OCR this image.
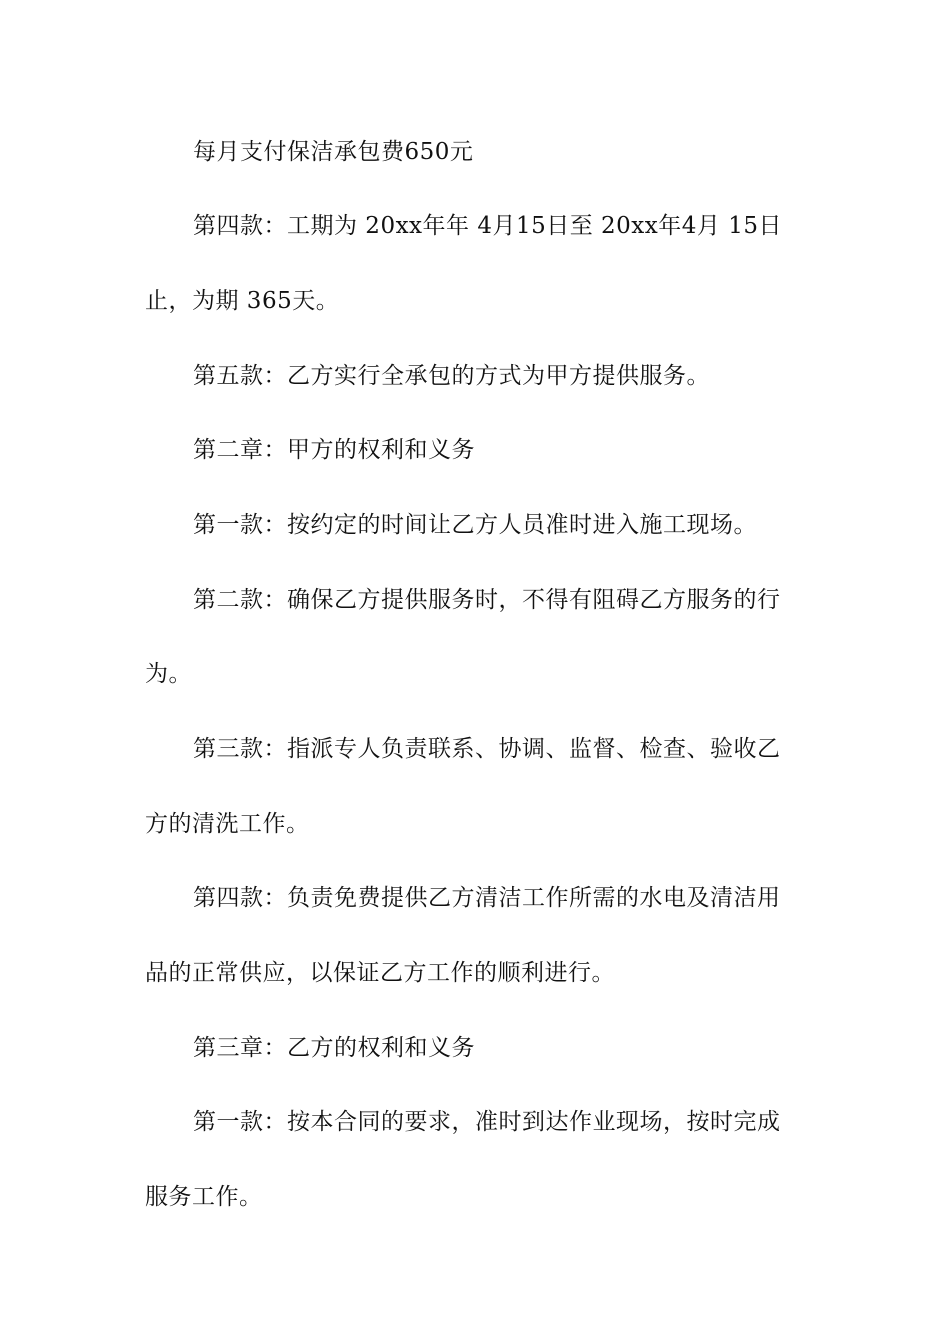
每月支付保洁承包费650元

第四款：工期为 20xx年年 4月15日至 20xx年4月 15日

止，为期 365天。

第五款：乙方实行全承包的方式为甲方提供服务。

第二章：甲方的权利和义务

第一款：按约定的时间让乙方人员准时进入施工现场。

第二款：确保乙方提供服务时，不得有阻碍乙方服务的行

为。

第三款：指派专人负责联系、协调、监督、检查、验收乙

方的清洗工作。

第四款：负责免费提供乙方清洁工作所需的水电及清洁用

品的正常供应，以保证乙方工作的顺利进行。

第三章：乙方的权利和义务

第一款：按本合同的要求，准时到达作业现场，按时完成

服务工作。
